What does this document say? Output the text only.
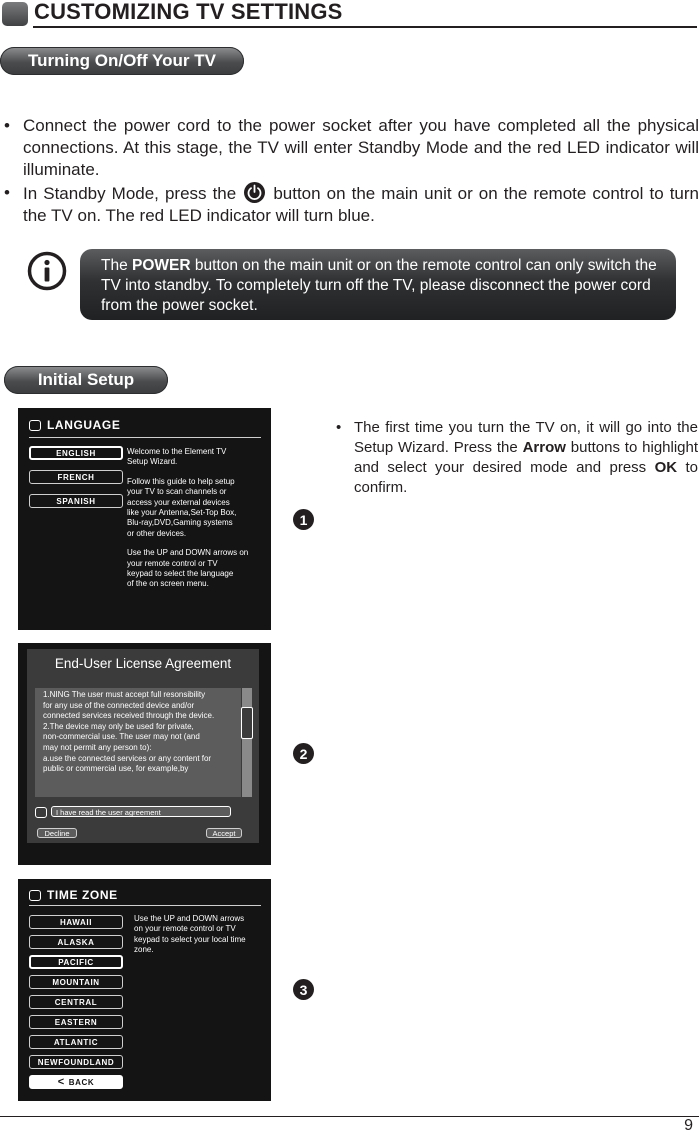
CUSTOMIZING TV SETTINGS
Turning On/Off Your TV
• Connect the power cord to the power socket after you have completed all the physical connections. At this stage, the TV will enter Standby Mode and the red LED indicator will illuminate.
• In Standby Mode, press the button on the main unit or on the remote control to turn the TV on. The red LED indicator will turn blue.
The POWER button on the main unit or on the remote control can only switch the TV into standby. To completely turn off the TV, please disconnect the power cord from the power socket.
Initial Setup
LANGUAGE
ENGLISH
FRENCH
SPANISH
Welcome to the Element TV
Setup Wizard.
Follow this guide to help setup
your TV to scan channels or
access your external devices
like your Antenna,Set-Top Box,
Blu-ray,DVD,Gaming systems
or other devices.
Use the UP and DOWN arrows on
your remote control or TV
keypad to select the language
of the on screen menu.
End-User License Agreement
1.NING The user must accept full resonsibility
for any use of the connected device and/or
connected services received through the device.
2.The device may only be used for private,
non-commercial use. The user may not (and
may not permit any person to):
a.use the connected services or any content for
public or commercial use, for example,by
I have read the user agreement
Decline	Accept
TIME ZONE
HAWAII
ALASKA
PACIFIC
MOUNTAIN
CENTRAL
EASTERN
ATLANTIC
NEWFOUNDLAND
< BACK
Use the UP and DOWN arrows
on your remote control or TV
keypad to select your local time
zone.
1
2
3
• The first time you turn the TV on, it will go into the Setup Wizard. Press the Arrow buttons to highlight and select your desired mode and press OK to confirm.
9
